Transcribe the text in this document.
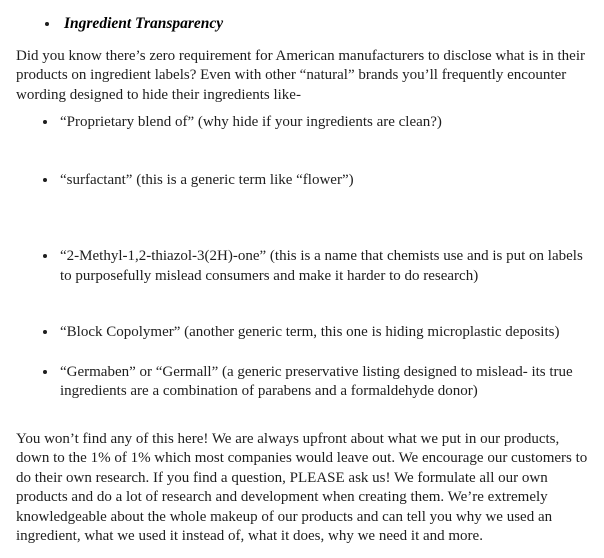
• Ingredient Transparency

Did you know there’s zero requirement for American manufacturers to disclose what is in their products on ingredient labels? Even with other “natural” brands you’ll frequently encounter wording designed to hide their ingredients like-

• “Proprietary blend of” (why hide if your ingredients are clean?)
• “surfactant” (this is a generic term like “flower”)
• “2-Methyl-1,2-thiazol-3(2H)-one” (this is a name that chemists use and is put on labels to purposefully mislead consumers and make it harder to do research)
• “Block Copolymer” (another generic term, this one is hiding microplastic deposits)
• “Germaben” or “Germall” (a generic preservative listing designed to mislead- its true ingredients are a combination of parabens and a formaldehyde donor)

You won’t find any of this here! We are always upfront about what we put in our products, down to the 1% of 1% which most companies would leave out. We encourage our customers to do their own research. If you find a question, PLEASE ask us! We formulate all our own products and do a lot of research and development when creating them. We’re extremely knowledgeable about the whole makeup of our products and can tell you why we used an ingredient, what we used it instead of, what it does, why we need it and more.
